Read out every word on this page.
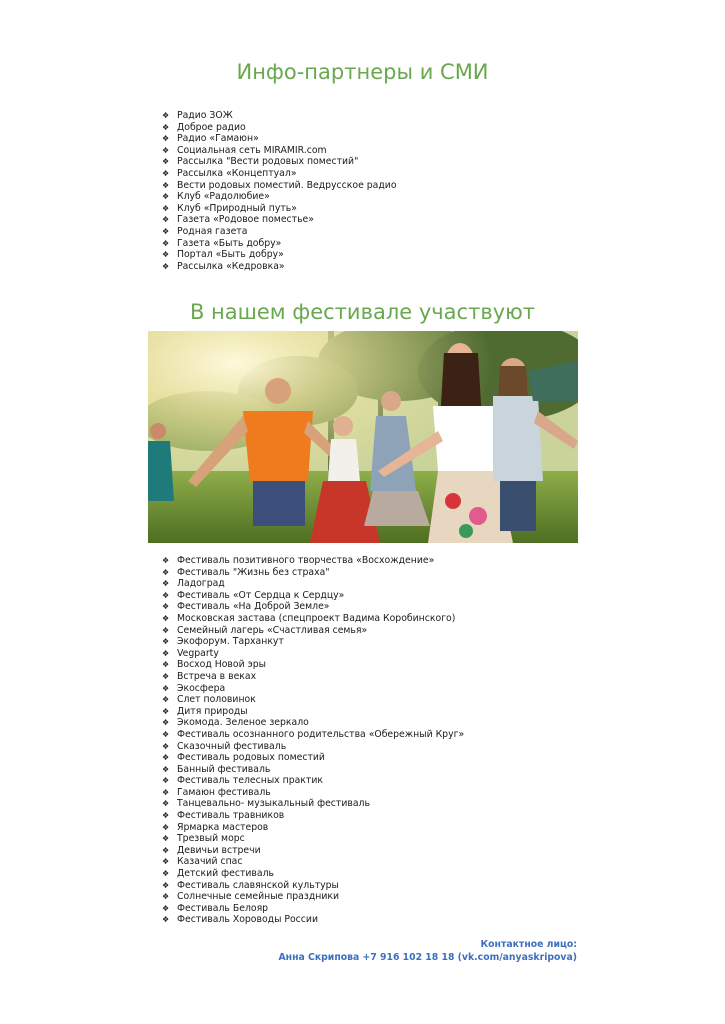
Инфо-партнеры и СМИ
❖ Радио ЗОЖ
❖ Доброе радио
❖ Радио «Гамаюн»
❖ Социальная сеть MIRAMIR.com
❖ Рассылка "Вести родовых поместий"
❖ Рассылка «Концептуал»
❖ Вести родовых поместий. Ведрусское радио
❖ Клуб «Радолюбие»
❖ Клуб «Природный путь»
❖ Газета «Родовое поместье»
❖ Родная газета
❖ Газета «Быть добру»
❖ Портал «Быть добру»
❖ Рассылка «Кедровка»
В нашем фестивале участвуют
❖ Фестиваль позитивного творчества «Восхождение»
❖ Фестиваль "Жизнь без страха"
❖ Ладоград
❖ Фестиваль «От Сердца к Сердцу»
❖ Фестиваль «На Доброй Земле»
❖ Московская застава (спецпроект Вадима Коробинского)
❖ Семейный лагерь «Счастливая семья»
❖ Экофорум. Тарханкут
❖ Vegparty
❖ Восход Новой эры
❖ Встреча в веках
❖ Экосфера
❖ Слет половинок
❖ Дитя природы
❖ Экомода. Зеленое зеркало
❖ Фестиваль осознанного родительства «Обережный Круг»
❖ Сказочный фестиваль
❖ Фестиваль родовых поместий
❖ Банный фестиваль
❖ Фестиваль телесных практик
❖ Гамаюн фестиваль
❖ Танцевально- музыкальный фестиваль
❖ Фестиваль травников
❖ Ярмарка мастеров
❖ Трезвый морс
❖ Девичьи встречи
❖ Казачий спас
❖ Детский фестиваль
❖ Фестиваль славянской культуры
❖ Солнечные семейные праздники
❖ Фестиваль Белояр
❖ Фестиваль Хороводы России
Контактное лицо:
Анна Скрипова +7 916 102 18 18 (vk.com/anyaskripova)
